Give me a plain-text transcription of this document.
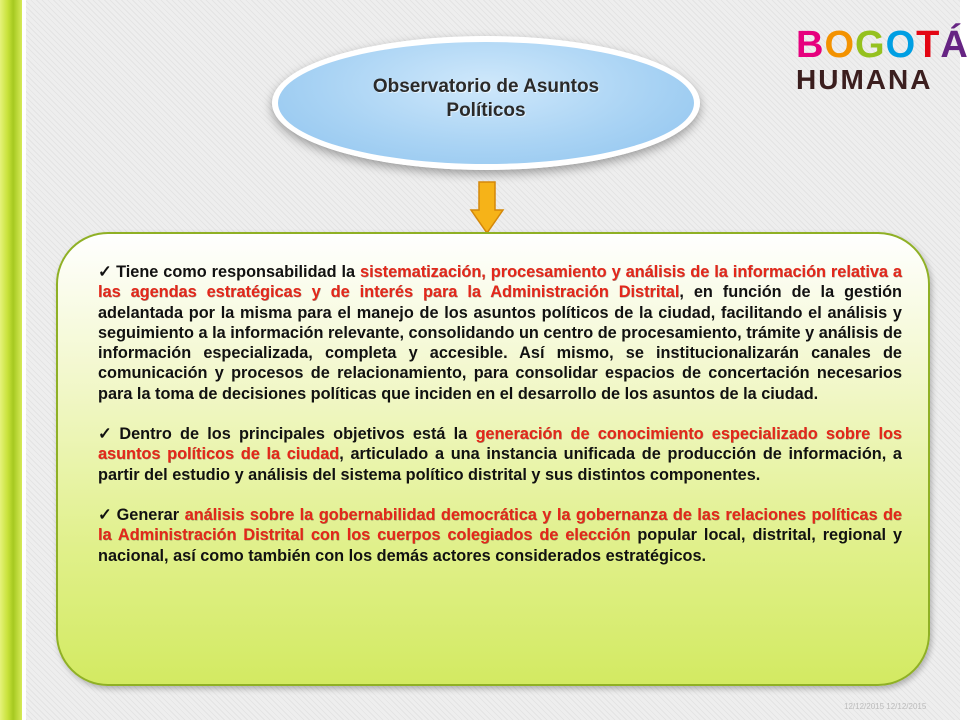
BOGOTÁ
HUMANA
Observatorio de Asuntos Políticos

✓ Tiene como responsabilidad la sistematización, procesamiento y análisis de la información relativa a las agendas estratégicas y de interés para la Administración Distrital, en función de la gestión adelantada por la misma para el manejo de los asuntos políticos de la ciudad, facilitando el análisis y seguimiento a la información relevante, consolidando un centro de procesamiento, trámite y análisis de información especializada, completa y accesible. Así mismo, se institucionalizarán canales de comunicación y procesos de relacionamiento, para consolidar espacios de concertación necesarios para la toma de decisiones políticas que inciden en el desarrollo de los asuntos de la ciudad.

✓ Dentro de los principales objetivos está la generación de conocimiento especializado sobre los asuntos políticos de la ciudad, articulado a una instancia unificada de producción de información, a partir del estudio y análisis del sistema político distrital y sus distintos componentes.

✓ Generar análisis sobre la gobernabilidad democrática y la gobernanza de las relaciones políticas de la Administración Distrital con los cuerpos colegiados de elección popular local, distrital, regional y nacional, así como también con los demás actores considerados estratégicos.

12/12/2015 12/12/2015
